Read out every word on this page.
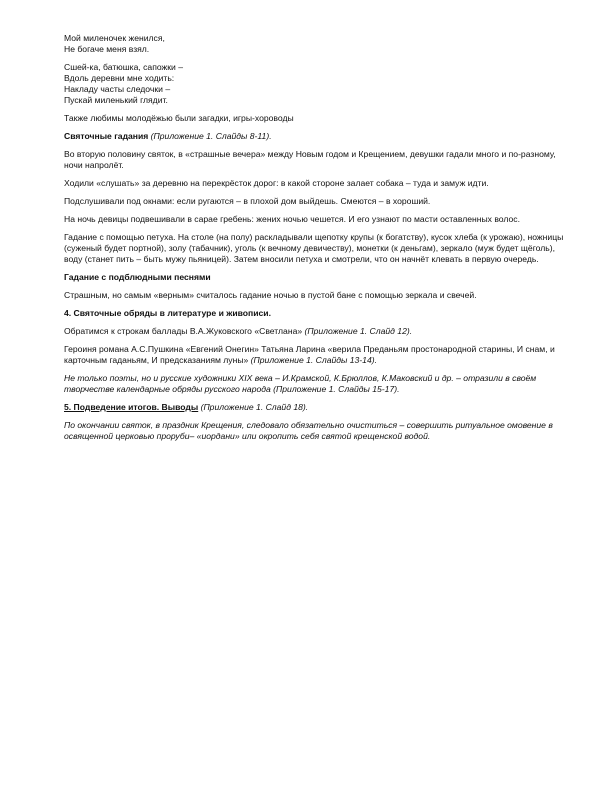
Мой миленочек женился,
Не богаче меня взял.

Сшей-ка, батюшка, сапожки –
Вдоль деревни мне ходить:
Накладу часты следочки –
Пускай миленький глядит.

Также любимы молодёжью были загадки, игры-хороводы

Святочные гадания (Приложение 1. Слайды 8-11).

Во вторую половину святок, в «страшные вечера» между Новым годом и Крещением, девушки гадали много и по-разному, ночи напролёт.

Ходили «слушать» за деревню на перекрёсток дорог: в какой стороне залает собака – туда и замуж идти.

Подслушивали под окнами: если ругаются – в плохой дом выйдешь. Смеются – в хороший.

На ночь девицы подвешивали в сарае гребень: жених ночью чешется. И его узнают по масти оставленных волос.

Гадание с помощью петуха. На столе (на полу) раскладывали щепотку крупы (к богатству), кусок хлеба (к урожаю), ножницы (суженый будет портной), золу (табачник), уголь (к вечному девичеству), монетки (к деньгам), зеркало (муж будет щёголь), воду (станет пить – быть мужу пьяницей). Затем вносили петуха и смотрели, что он начнёт клевать в первую очередь.

Гадание с подблюдными песнями

Страшным, но самым «верным» считалось гадание ночью в пустой бане с помощью зеркала и свечей.

4. Святочные обряды в литературе и живописи.

Обратимся к строкам баллады В.А.Жуковского «Светлана» (Приложение 1. Слайд 12).

Героиня романа А.С.Пушкина «Евгений Онегин» Татьяна Ларина «верила Преданьям простонародной старины, И снам, и карточным гаданьям, И предсказаниям луны» (Приложение 1. Слайды 13-14).

Не только поэты, но и русские художники XIX века – И.Крамской, К.Брюллов, К.Маковский и др. – отразили в своём творчестве календарные обряды русского народа (Приложение 1. Слайды 15-17).

5. Подведение итогов. Выводы (Приложение 1. Слайд 18).

По окончании святок, в праздник Крещения, следовало обязательно очиститься – совершить ритуальное омовение в освященной церковью проруби– «иордани» или окропить себя святой крещенской водой.
